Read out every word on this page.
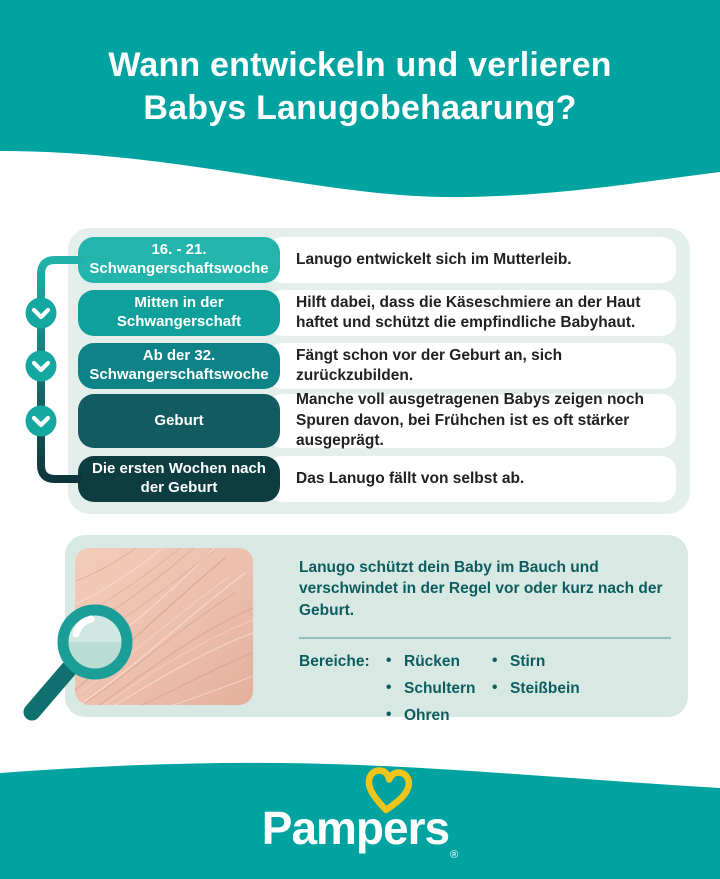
Wann entwickeln und verlieren
Babys Lanugobehaarung?

Lanugo entwickelt sich im Mutterleib.

16. - 21. Schwangerschaftswoche

Hilft dabei, dass die Käseschmiere an der Haut haftet und schützt die empfindliche Babyhaut.

Mitten in der Schwangerschaft

Fängt schon vor der Geburt an, sich zurückzubilden.

Ab der 32. Schwangerschaftswoche

Manche voll ausgetragenen Babys zeigen noch Spuren davon, bei Frühchen ist es oft stärker ausgeprägt.

Geburt

Das Lanugo fällt von selbst ab.

Die ersten Wochen nach der Geburt

Lanugo schützt dein Baby im Bauch und verschwindet in der Regel vor oder kurz nach der Geburt.

Bereiche:	• Rücken
• Schultern
• Ohren
• Stirn
• Steißbein
Pampers$_®$
